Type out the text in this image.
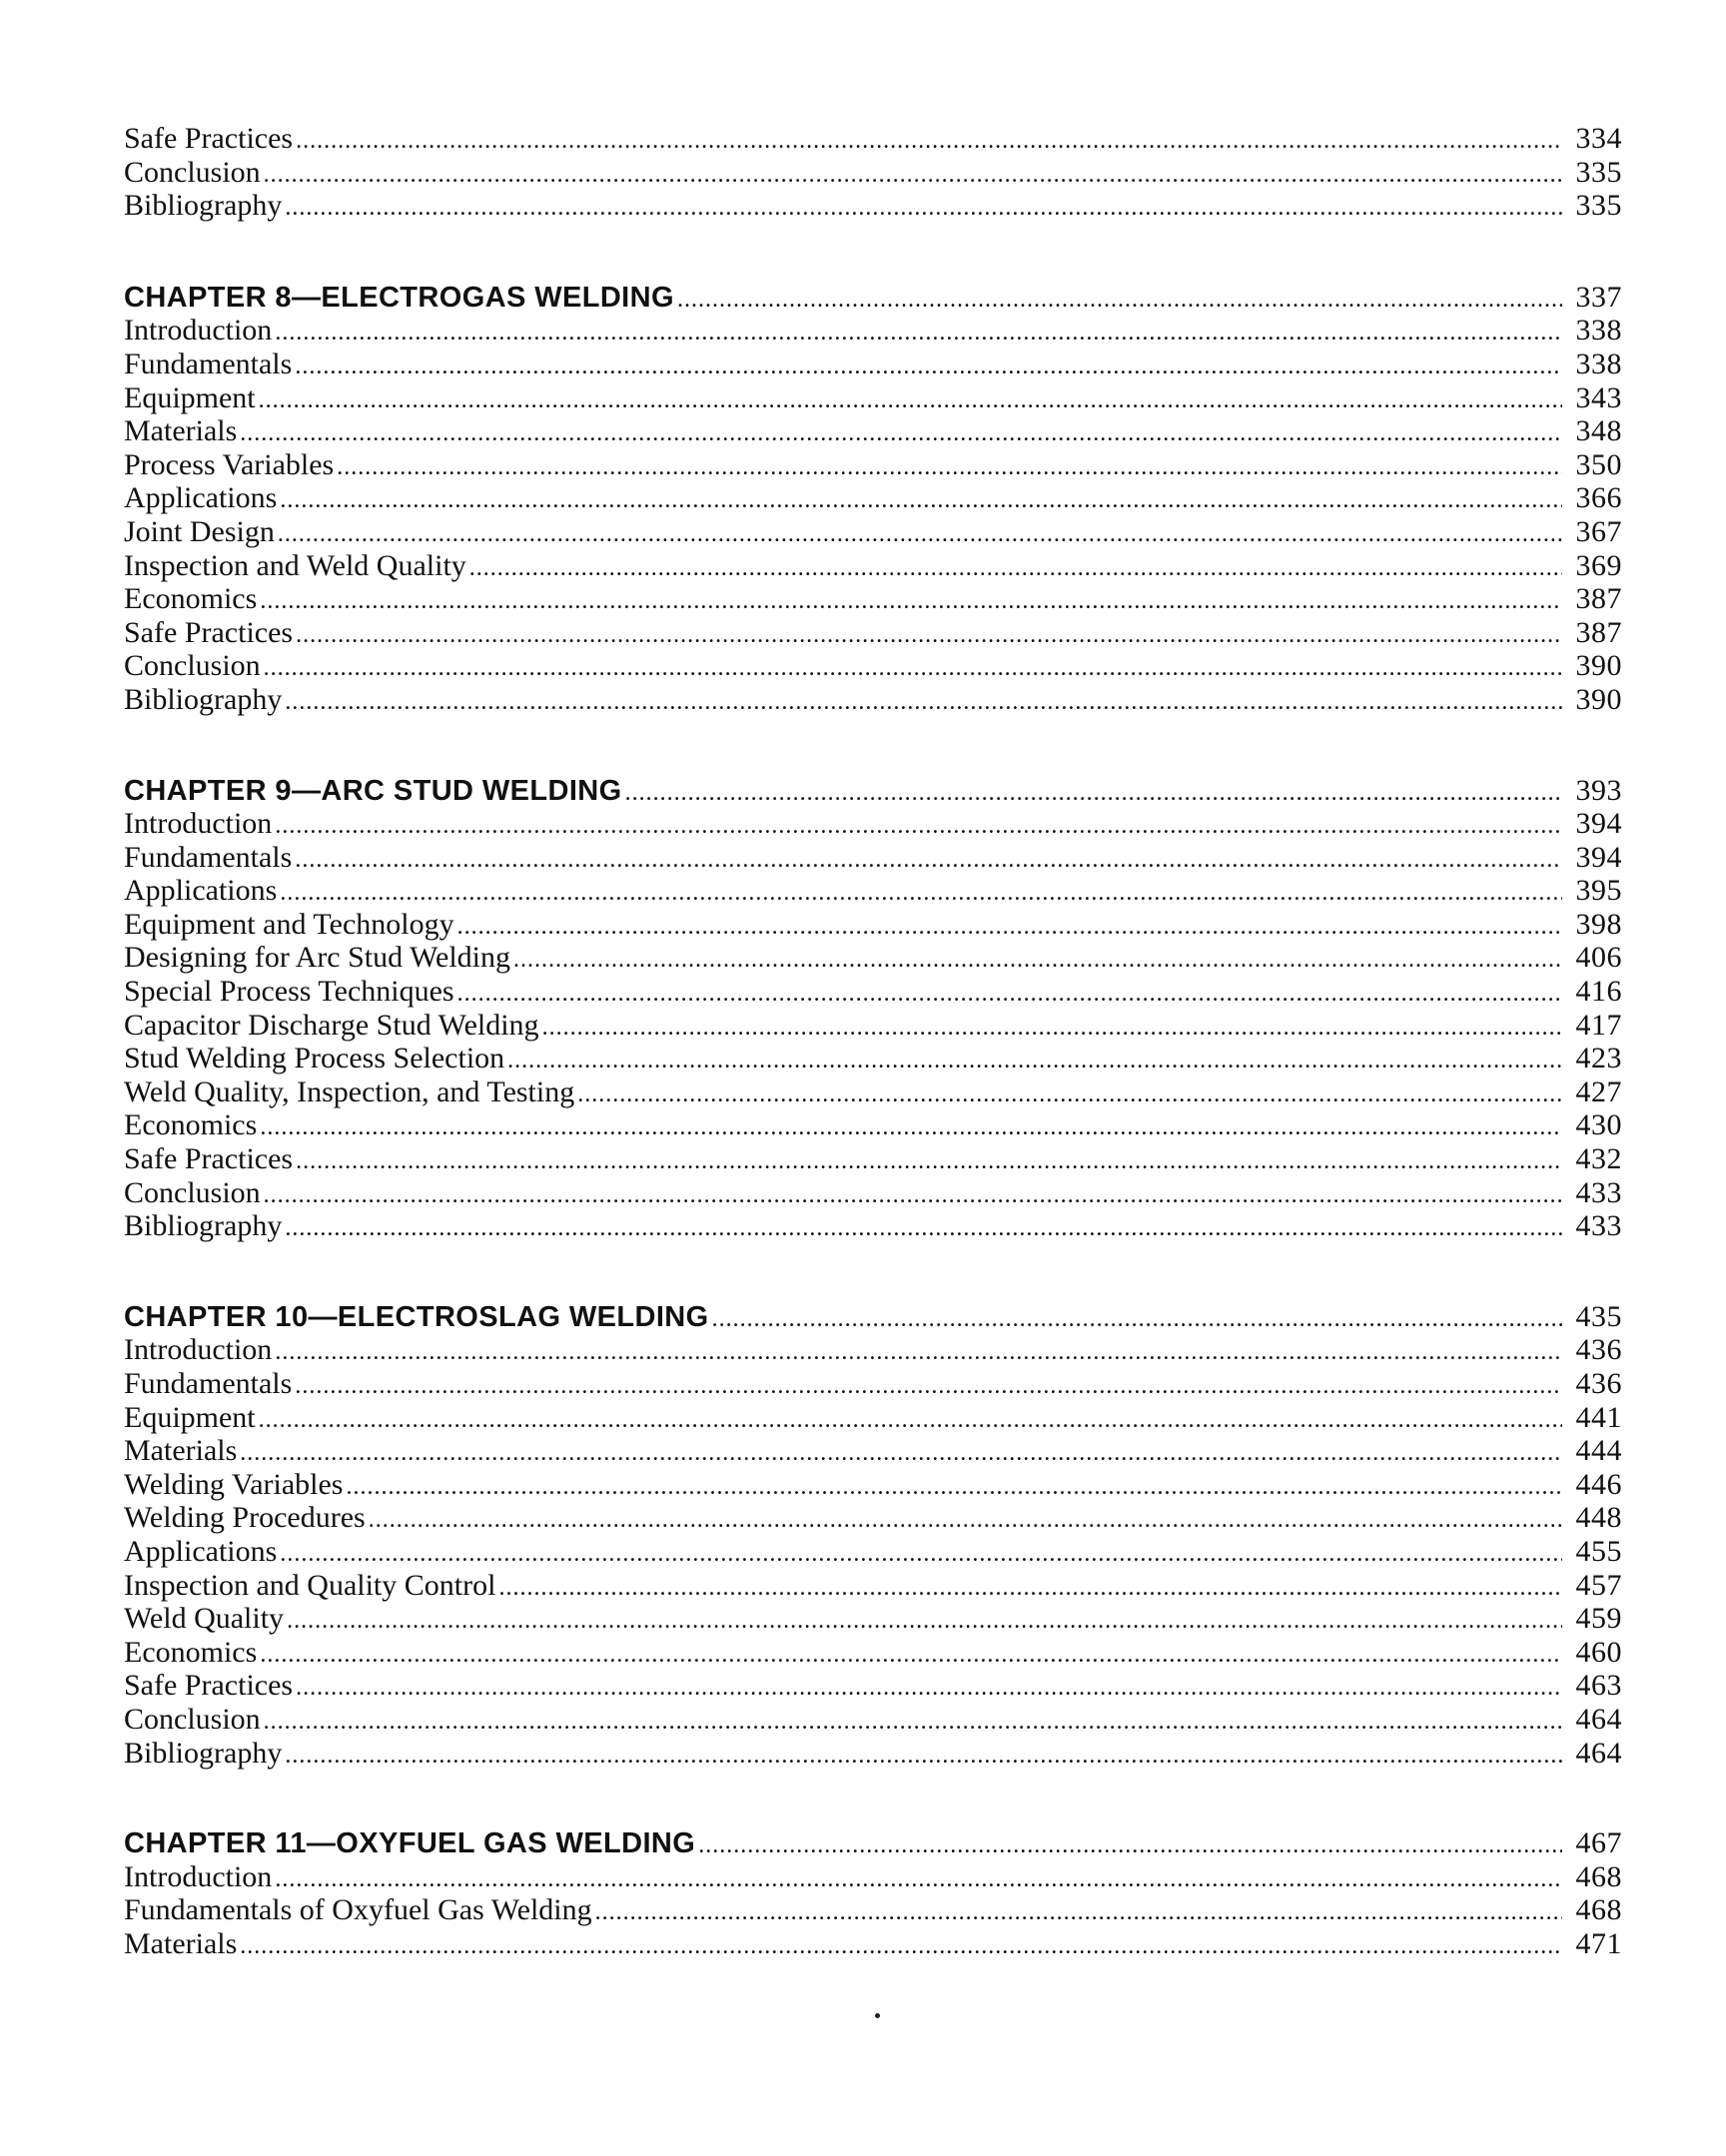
Safe Practices .....	334
Conclusion .....	335
Bibliography .....	335
CHAPTER 8—ELECTROGAS WELDING .....	337
Introduction .....	338
Fundamentals .....	338
Equipment .....	343
Materials .....	348
Process Variables .....	350
Applications .....	366
Joint Design .....	367
Inspection and Weld Quality .....	369
Economics .....	387
Safe Practices .....	387
Conclusion .....	390
Bibliography .....	390
CHAPTER 9—ARC STUD WELDING .....	393
Introduction .....	394
Fundamentals .....	394
Applications .....	395
Equipment and Technology .....	398
Designing for Arc Stud Welding .....	406
Special Process Techniques .....	416
Capacitor Discharge Stud Welding .....	417
Stud Welding Process Selection .....	423
Weld Quality, Inspection, and Testing .....	427
Economics .....	430
Safe Practices .....	432
Conclusion .....	433
Bibliography .....	433
CHAPTER 10—ELECTROSLAG WELDING .....	435
Introduction .....	436
Fundamentals .....	436
Equipment .....	441
Materials .....	444
Welding Variables .....	446
Welding Procedures .....	448
Applications .....	455
Inspection and Quality Control .....	457
Weld Quality .....	459
Economics .....	460
Safe Practices .....	463
Conclusion .....	464
Bibliography .....	464
CHAPTER 11—OXYFUEL GAS WELDING .....	467
Introduction .....	468
Fundamentals of Oxyfuel Gas Welding .....	468
Materials .....	471
